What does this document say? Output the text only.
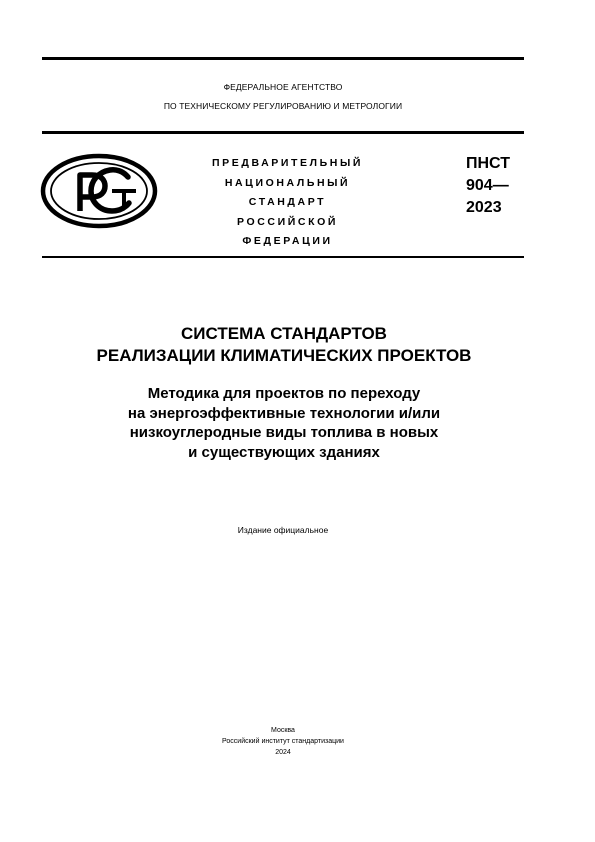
ФЕДЕРАЛЬНОЕ АГЕНТСТВО
ПО ТЕХНИЧЕСКОМУ РЕГУЛИРОВАНИЮ И МЕТРОЛОГИИ
ПРЕДВАРИТЕЛЬНЫЙ
НАЦИОНАЛЬНЫЙ
СТАНДАРТ
РОССИЙСКОЙ
ФЕДЕРАЦИИ
ПНСТ
904—
2023
СИСТЕМА СТАНДАРТОВ
РЕАЛИЗАЦИИ КЛИМАТИЧЕСКИХ ПРОЕКТОВ
Методика для проектов по переходу
на энергоэффективные технологии и/или
низкоуглеродные виды топлива в новых
и существующих зданиях
Издание официальное
Москва
Российский институт стандартизации
2024
